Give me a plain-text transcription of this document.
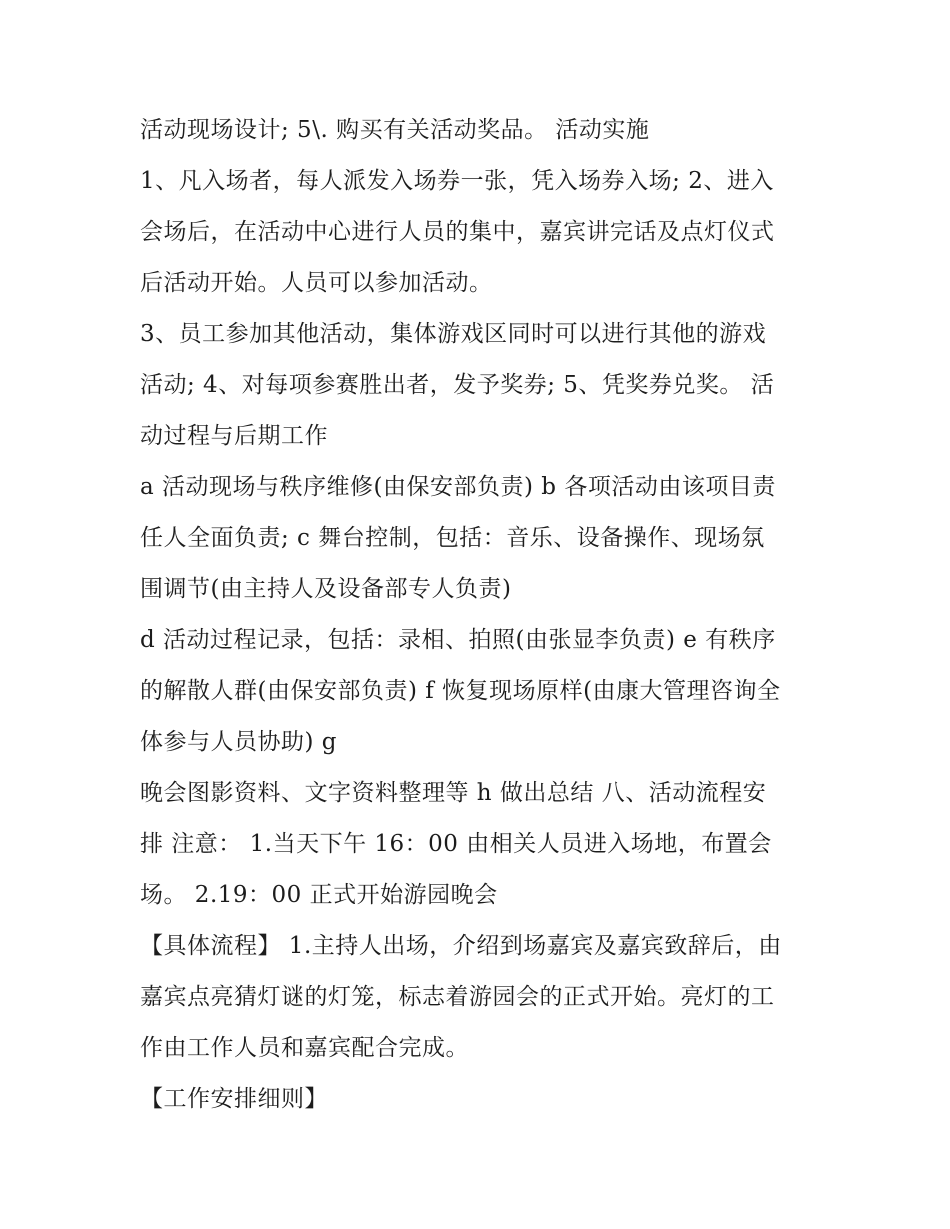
活动现场设计; 5\. 购买有关活动奖品。 活动实施
1、凡入场者，每人派发入场券一张，凭入场券入场; 2、进入
会场后，在活动中心进行人员的集中，嘉宾讲完话及点灯仪式
后活动开始。人员可以参加活动。
3、员工参加其他活动，集体游戏区同时可以进行其他的游戏
活动; 4、对每项参赛胜出者，发予奖券; 5、凭奖券兑奖。 活
动过程与后期工作
a 活动现场与秩序维修(由保安部负责) b 各项活动由该项目责
任人全面负责; c 舞台控制，包括：音乐、设备操作、现场氛
围调节(由主持人及设备部专人负责)
d 活动过程记录，包括：录相、拍照(由张显李负责) e 有秩序
的解散人群(由保安部负责) f 恢复现场原样(由康大管理咨询全
体参与人员协助) g
晚会图影资料、文字资料整理等 h 做出总结 八、活动流程安
排 注意： 1.当天下午 16：00 由相关人员进入场地，布置会
场。 2.19：00 正式开始游园晚会
【具体流程】 1.主持人出场，介绍到场嘉宾及嘉宾致辞后，由
嘉宾点亮猜灯谜的灯笼，标志着游园会的正式开始。亮灯的工
作由工作人员和嘉宾配合完成。
【工作安排细则】
